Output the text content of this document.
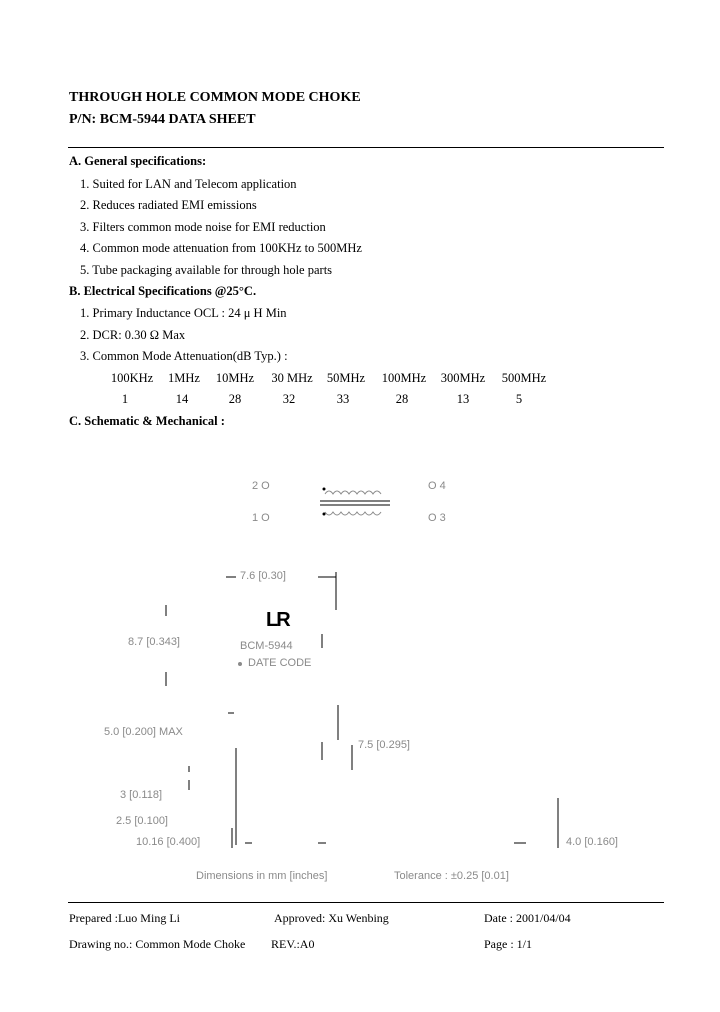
THROUGH HOLE COMMON MODE CHOKE
P/N: BCM-5944 DATA SHEET
A. General specifications:
1. Suited for LAN and Telecom application
2. Reduces radiated EMI emissions
3. Filters common mode noise for EMI reduction
4. Common mode attenuation from 100KHz to 500MHz
5. Tube packaging available for through hole parts
B. Electrical Specifications @25°C.
1. Primary Inductance OCL : 24 μ H Min
2. DCR: 0.30 Ω Max
3. Common Mode Attenuation(dB Typ.) :
100KHz 1MHz 10MHz 30 MHz 50MHz 100MHz 300MHz 500MHz
1	14	28	32	33	28	13	5
C. Schematic & Mechanical :
2 O
1 O
O 4
O 3
LR
BCM-5944
DATE CODE
7.6 [0.30]
8.7 [0.343]
5.0 [0.200] MAX
3 [0.118]
2.5 [0.100]
10.16 [0.400]
7.5 [0.295]
4.0 [0.160]
Dimensions in mm [inches]	Tolerance : ±0.25 [0.01]
Prepared :Luo Ming Li	Approved: Xu Wenbing	Date : 2001/04/04
Drawing no.: Common Mode Choke REV.:A0	Page : 1/1
